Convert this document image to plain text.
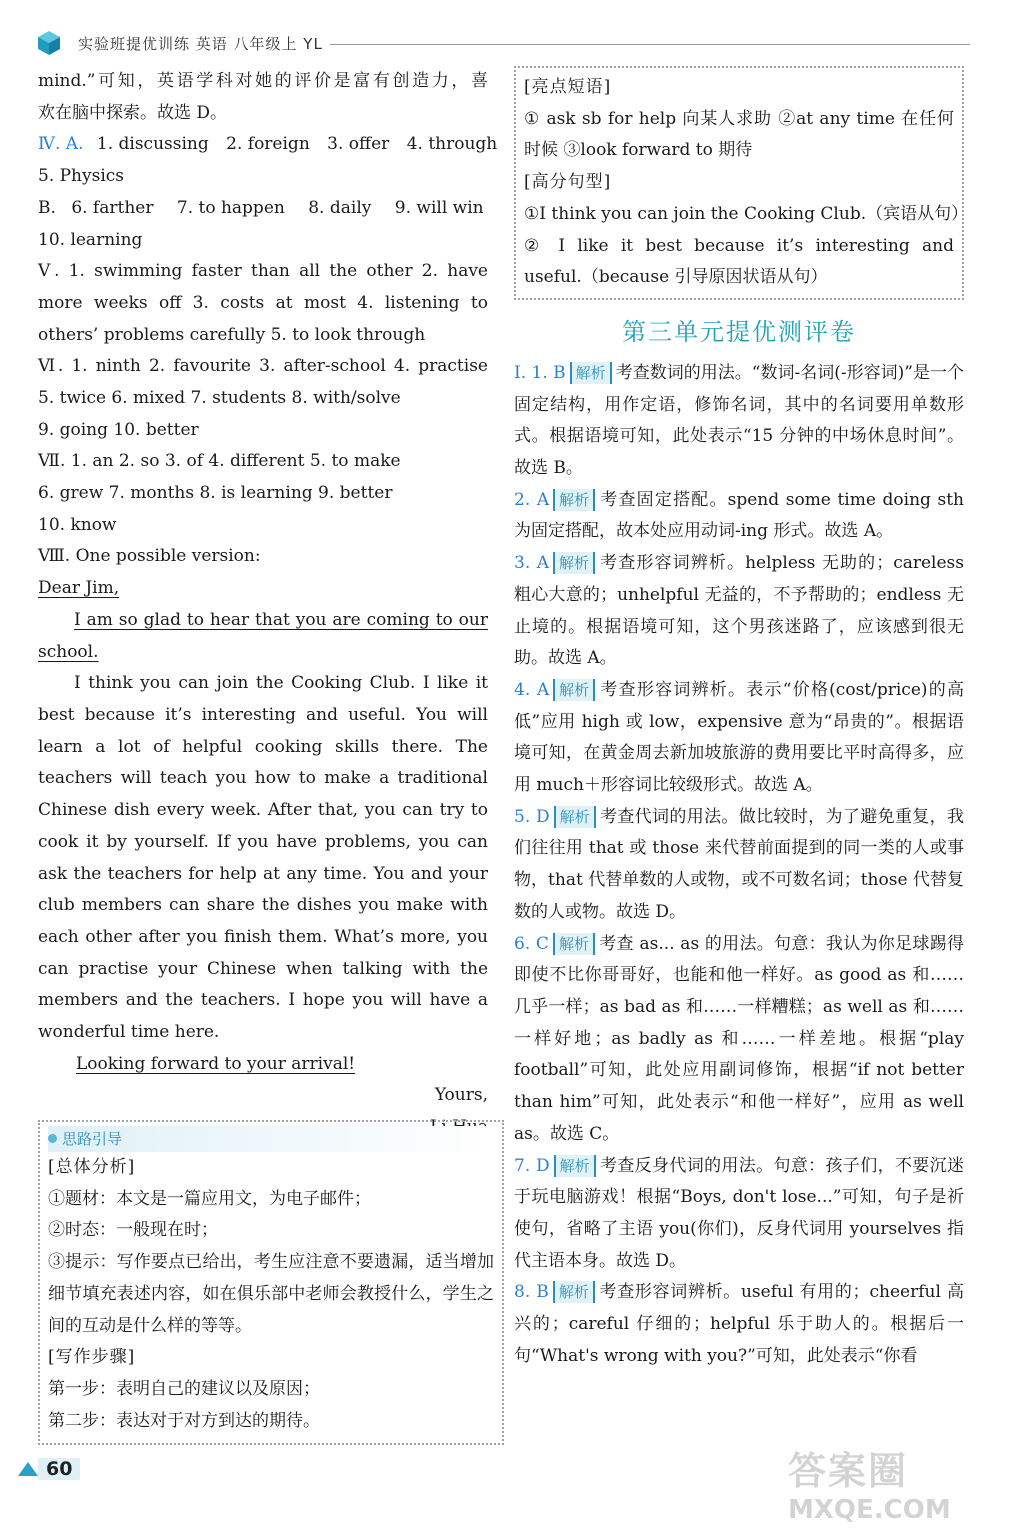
实验班提优训练 英语 八年级上 YL
mind.”可知，英语学科对她的评价是富有创造力，喜
欢在脑中探索。故选 D。
Ⅳ. A. 1. discussing 2. foreign 3. offer 4. through
5. Physics
B. 6. farther 7. to happen 8. daily 9. will win
10. learning
Ⅴ. 1. swimming faster than all the other 2. have
more weeks off 3. costs at most 4. listening to
others’ problems carefully 5. to look through
Ⅵ. 1. ninth 2. favourite 3. after-school 4. practise
5. twice 6. mixed 7. students 8. with/solve
9. going 10. better
Ⅶ. 1. an 2. so 3. of 4. different 5. to make
6. grew 7. months 8. is learning 9. better
10. know
Ⅷ. One possible version:
Dear Jim,
I am so glad to hear that you are coming to our school.
I think you can join the Cooking Club. I like it best because it’s interesting and useful. You will learn a lot of helpful cooking skills there. The teachers will teach you how to make a traditional Chinese dish every week. After that, you can try to cook it by yourself. If you have problems, you can ask the teachers for help at any time. You and your club members can share the dishes you make with each other after you finish them. What’s more, you can practise your Chinese when talking with the members and the teachers. I hope you will have a wonderful time here.
Looking forward to your arrival!
Yours,
思路引导
[总体分析]
①题材：本文是一篇应用文，为电子邮件；
②时态：一般现在时；
③提示：写作要点已给出，考生应注意不要遗漏，适当增加细节填充表述内容，如在俱乐部中老师会教授什么，学生之间的互动是什么样的等等。
[写作步骤]
第一步：表明自己的建议以及原因；
第二步：表达对于对方到达的期待。
[亮点短语]
① ask sb for help 向某人求助 ②at any time 在任何时候 ③look forward to 期待
[高分句型]
①I think you can join the Cooking Club.（宾语从句）
② I like it best because it’s interesting and useful.（because 引导原因状语从句）
第三单元提优测评卷
Ⅰ. 1. B 解析 考查数词的用法。“数词-名词(-形容词)”是一个固定结构，用作定语，修饰名词，其中的名词要用单数形式。根据语境可知，此处表示“15 分钟的中场休息时间”。故选 B。
2. A 解析 考查固定搭配。spend some time doing sth 为固定搭配，故本处应用动词-ing 形式。故选 A。
3. A 解析 考查形容词辨析。helpless 无助的；careless 粗心大意的；unhelpful 无益的，不予帮助的；endless 无止境的。根据语境可知，这个男孩迷路了，应该感到很无助。故选 A。
4. A 解析 考查形容词辨析。表示“价格(cost/price)的高低”应用 high 或 low，expensive 意为“昂贵的”。根据语境可知，在黄金周去新加坡旅游的费用要比平时高得多，应用 much＋形容词比较级形式。故选 A。
5. D 解析 考查代词的用法。做比较时，为了避免重复，我们往往用 that 或 those 来代替前面提到的同一类的人或事物，that 代替单数的人或物，或不可数名词；those 代替复数的人或物。故选 D。
6. C 解析 考查 as... as 的用法。句意：我认为你足球踢得即使不比你哥哥好，也能和他一样好。as good as 和……几乎一样；as bad as 和……一样糟糕；as well as 和……一样好地；as badly as 和……一样差地。根据“play football”可知，此处应用副词修饰，根据“if not better than him”可知，此处表示“和他一样好”，应用 as well as。故选 C。
7. D 解析 考查反身代词的用法。句意：孩子们，不要沉迷于玩电脑游戏！根据“Boys, don't lose...”可知，句子是祈使句，省略了主语 you(你们)，反身代词用 yourselves 指代主语本身。故选 D。
8. B 解析 考查形容词辨析。useful 有用的；cheerful 高兴的；careful 仔细的；helpful 乐于助人的。根据后一句“What's wrong with you?”可知，此处表示“你看
60	答案圈
MXQE.COM
